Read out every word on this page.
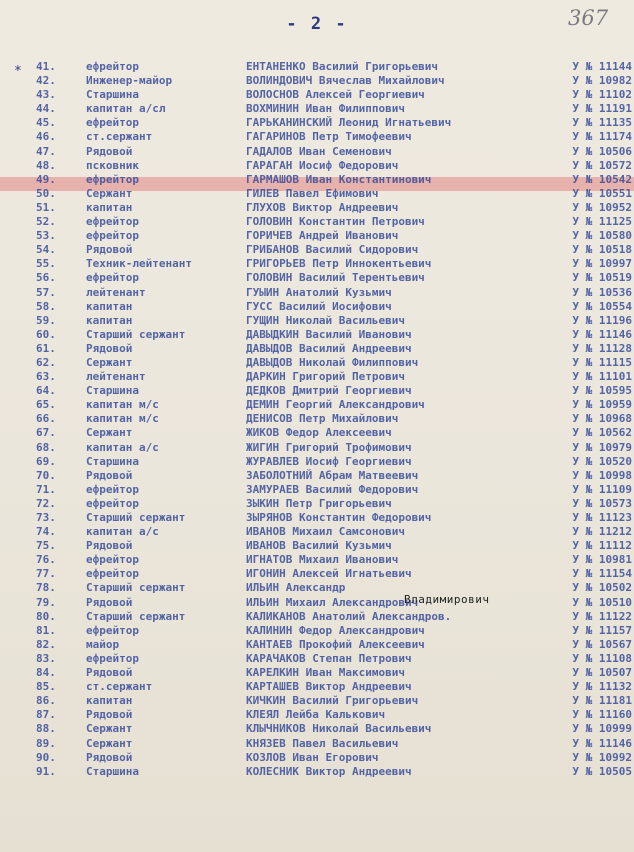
- 2 -	367
* 41.	ефрейтор	ЕНТАНЕНКО Василий Григорьевич	У № 11144
42.	Инженер-майор	ВОЛИНДОВИЧ Вячеслав Михайлович	У № 10982
43.	Старшина	ВОЛОСНОВ Алексей Георгиевич	У № 11102
44.	капитан а/сл	ВОХМИНИН Иван Филиппович	У № 11191
45.	ефрейтор	ГАРЬКАНИНСКИЙ Леонид Игнатьевич	У № 11135
46.	ст.сержант	ГАГАРИНОВ Петр Тимофеевич	У № 11174
47.	Рядовой	ГАДАЛОВ Иван Семенович	У № 10506
48.	псковник	ГАРАГАН Иосиф Федорович	У № 10572
49.	ефрейтор	ГАРМАШОВ Иван Константинович	У № 10542
50.	Сержант	ГИЛЕВ Павел Ефимович	У № 10551
51.	капитан	ГЛУХОВ Виктор Андреевич	У № 10952
52.	ефрейтор	ГОЛОВИН Константин Петрович	У № 11125
53.	ефрейтор	ГОРИЧЕВ Андрей Иванович	У № 10580
54.	Рядовой	ГРИБАНОВ Василий Сидорович	У № 10518
55.	Техник-лейтенант	ГРИГОРЬЕВ Петр Иннокентьевич	У № 10997
56.	ефрейтор	ГОЛОВИН Василий Терентьевич	У № 10519
57.	лейтенант	ГУЫИН Анатолий Кузьмич	У № 10536
58.	капитан	ГУСС Василий Иосифович	У № 10554
59.	капитан	ГУЩИН Николай Васильевич	У № 11196
60.	Старший сержант	ДАВЫДКИН Василий Иванович	У № 11146
61.	Рядовой	ДАВЫДОВ Василий Андреевич	У № 11128
62.	Сержант	ДАВЫДОВ Николай Филиппович	У № 11115
63.	лейтенант	ДАРКИН Григорий Петрович	У № 11101
64.	Старшина	ДЕДКОВ Дмитрий Георгиевич	У № 10595
65.	капитан м/с	ДЕМИН Георгий Александрович	У № 10959
66.	капитан м/с	ДЕНИСОВ Петр Михайлович	У № 10968
67.	Сержант	ЖИКОВ Федор Алексеевич	У № 10562
68.	капитан а/с	ЖИГИН Григорий Трофимович	У № 10979
69.	Старшина	ЖУРАВЛЕВ Иосиф Георгиевич	У № 10520
70.	Рядовой	ЗАБОЛОТНИЙ Абрам Матвеевич	У № 10998
71.	ефрейтор	ЗАМУРАЕВ Василий Федорович	У № 11109
72.	ефрейтор	ЗЫКИН Петр Григорьевич	У № 10573
73.	Старший сержант	ЗЫРЯНОВ Константин Федорович	У № 11123
74.	капитан а/с	ИВАНОВ Михаил Самсонович	У № 11212
75.	Рядовой	ИВАНОВ Василий Кузьмич	У № 11112
76.	ефрейтор	ИГНАТОВ Михаил Иванович	У № 10981
77.	ефрейтор	ИГОНИН Алексей Игнатьевич	У № 11154
78.	Старший сержант	ИЛЬИН Александр	У № 10502
79.	Рядовой	ИЛЬИН Михаил Александрович	У № 10510
80.	Старший сержант	КАЛИКАНОВ Анатолий Александров.	У № 11122
81.	ефрейтор	КАЛИНИН Федор Александрович	У № 11157
82.	майор	КАНТАЕВ Прокофий Алексеевич	У № 10567
83.	ефрейтор	КАРАЧАКОВ Степан Петрович	У № 11108
84.	Рядовой	КАРЕЛКИН Иван Максимович	У № 10507
85.	ст.сержант	КАРТАШЕВ Виктор Андреевич	У № 11132
86.	капитан	КИЧКИН Василий Григорьевич	У № 11181
87.	Рядовой	КЛЕЯЛ Лейба Калькович	У № 11160
88.	Сержант	КЛЫЧНИКОВ Николай Васильевич	У № 10999
89.	Сержант	КНЯЗЕВ Павел Васильевич	У № 11146
90.	Рядовой	КОЗЛОВ Иван Егорович	У № 10992
91.	Старшина	КОЛЕСНИК Виктор Андреевич	У № 10505
Владимирович
